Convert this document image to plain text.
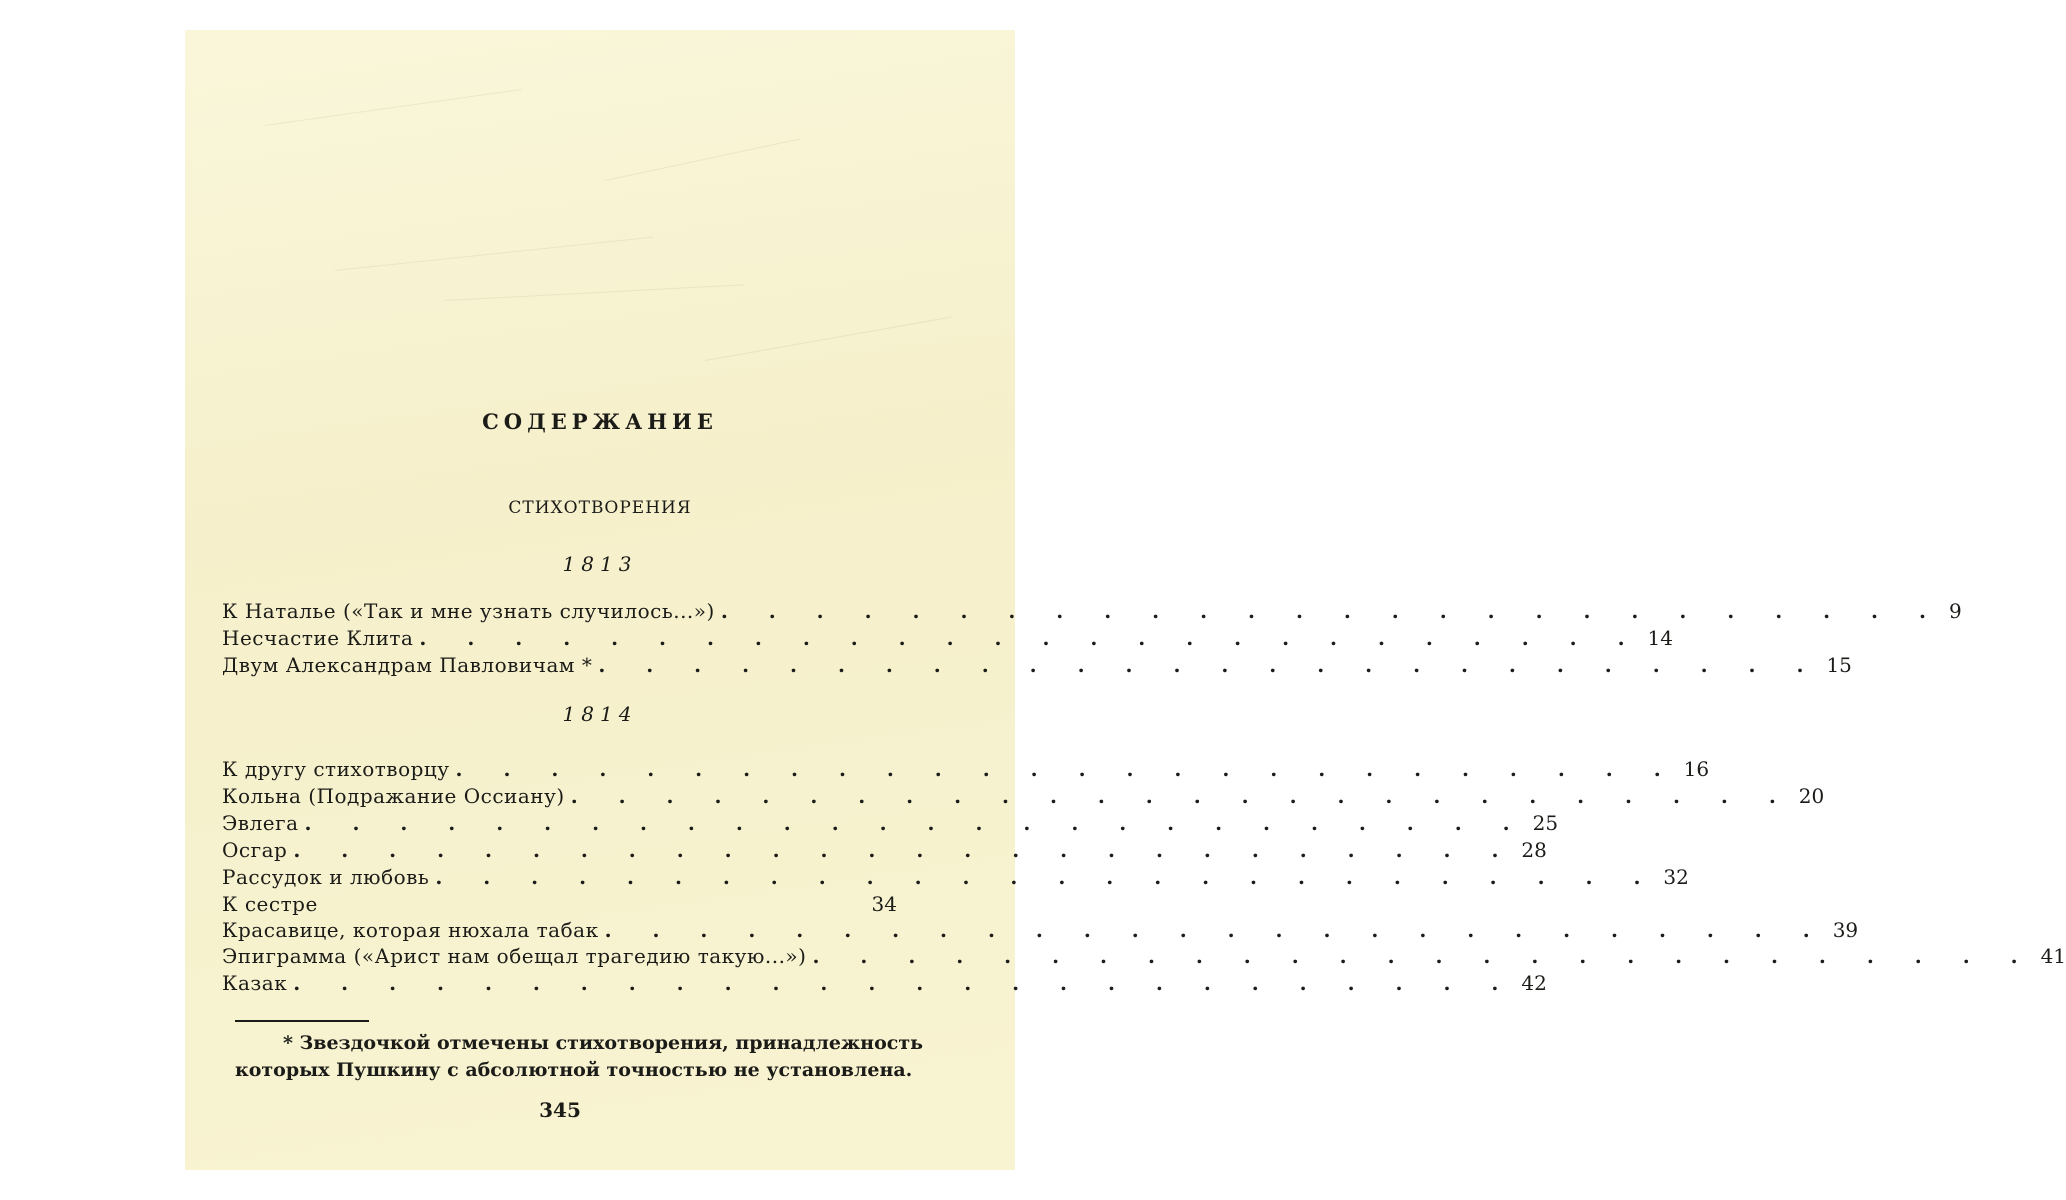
СОДЕРЖАНИЕ
СТИХОТВОРЕНИЯ
1813
К Наталье («Так и мне узнать случилось...») . . . . . . . . . . . . . . . . . . . . . . . . . . 9
Несчастие Клита . . . . . . . . . . . . . . . . . . . . . . . . . . 14
Двум Александрам Павловичам * . . . . . . . . . . . . . . . . . . . . . . . . . . 15
1814
К другу стихотворцу . . . . . . . . . . . . . . . . . . . . . . . . . . 16
Кольна (Подражание Оссиану) . . . . . . . . . . . . . . . . . . . . . . . . . . 20
Эвлега . . . . . . . . . . . . . . . . . . . . . . . . . . 25
Осгар . . . . . . . . . . . . . . . . . . . . . . . . . . 28
Рассудок и любовь . . . . . . . . . . . . . . . . . . . . . . . . . . 32
К сестре	34
Красавице, которая нюхала табак . . . . . . . . . . . . . . . . . . . . . . . . . . 39
Эпиграмма («Арист нам обещал трагедию такую...») . . . . . . . . . . . . . . . . . . . . . . . . . . 41
Казак . . . . . . . . . . . . . . . . . . . . . . . . . . 42
* Звездочкой отмечены стихотворения, принадлежность
которых Пушкину с абсолютной точностью не установлена.
345
